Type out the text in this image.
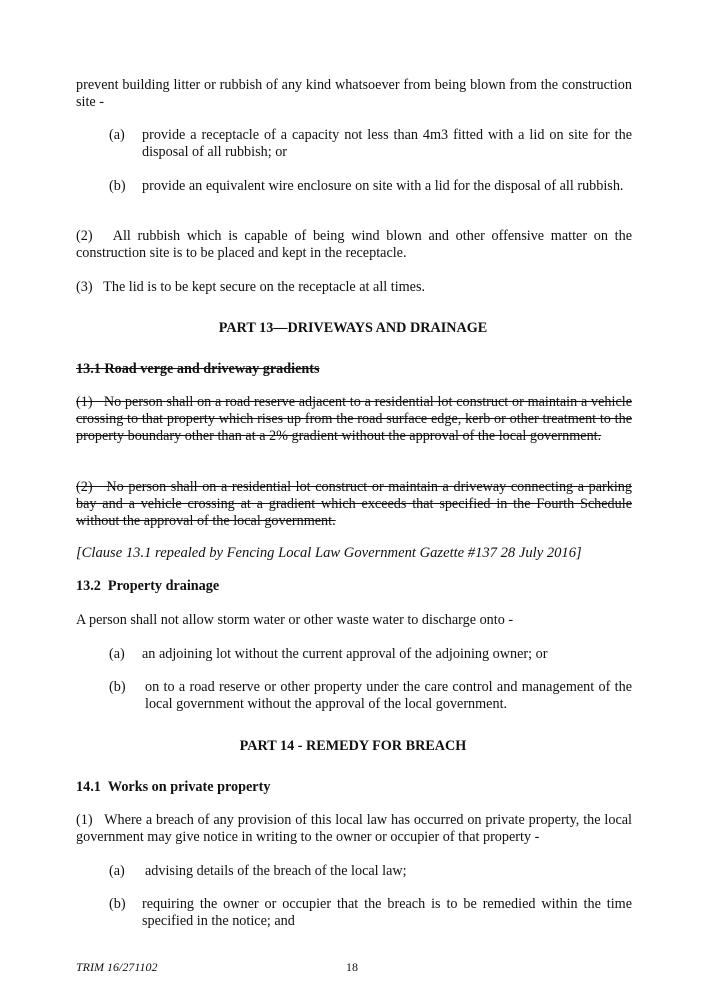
prevent building litter or rubbish of any kind whatsoever from being blown from the construction site -
(a) provide a receptacle of a capacity not less than 4m3 fitted with a lid on site for the disposal of all rubbish; or
(b) provide an equivalent wire enclosure on site with a lid for the disposal of all rubbish.
(2)   All rubbish which is capable of being wind blown and other offensive matter on the construction site is to be placed and kept in the receptacle.
(3)   The lid is to be kept secure on the receptacle at all times.
PART 13—DRIVEWAYS AND DRAINAGE
13.1 Road verge and driveway gradients
(1)   No person shall on a road reserve adjacent to a residential lot construct or maintain a vehicle crossing to that property which rises up from the road surface edge, kerb or other treatment to the property boundary other than at a 2% gradient without the approval of the local government.
(2)   No person shall on a residential lot construct or maintain a driveway connecting a parking bay and a vehicle crossing at a gradient which exceeds that specified in the Fourth Schedule without the approval of the local government.
[Clause 13.1 repealed by Fencing Local Law Government Gazette #137 28 July 2016]
13.2  Property drainage
A person shall not allow storm water or other waste water to discharge onto -
(a) an adjoining lot without the current approval of the adjoining owner; or
(b) on to a road reserve or other property under the care control and management of the local government without the approval of the local government.
PART 14 - REMEDY FOR BREACH
14.1  Works on private property
(1)   Where a breach of any provision of this local law has occurred on private property, the local government may give notice in writing to the owner or occupier of that property -
(a) advising details of the breach of the local law;
(b) requiring the owner or occupier that the breach is to be remedied within the time specified in the notice; and
TRIM 16/271102	18
